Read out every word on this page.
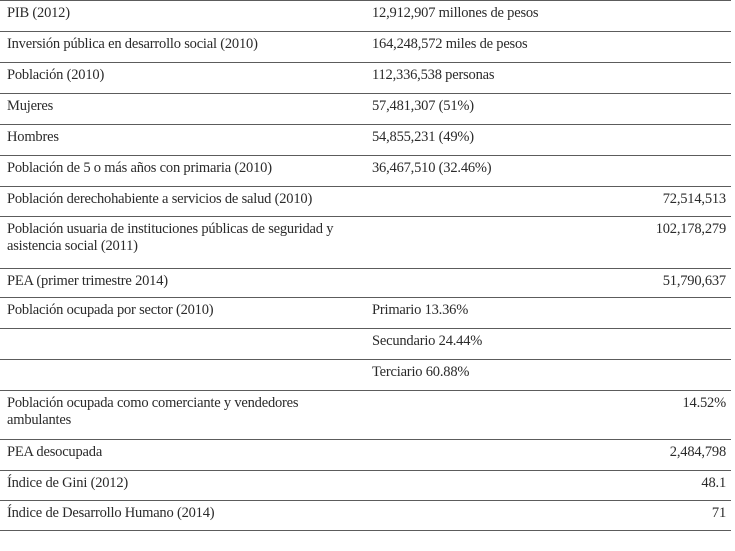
PIB (2012)	12,912,907 millones de pesos	
Inversión pública en desarrollo social (2010)	164,248,572 miles de pesos	
Población (2010)	112,336,538 personas	
Mujeres	57,481,307 (51%)	
Hombres	54,855,231 (49%)	
Población de 5 o más años con primaria (2010)	36,467,510 (32.46%)	
Población derechohabiente a servicios de salud (2010)		72,514,513
Población usuaria de instituciones públicas de seguridad y asistencia social (2011)		102,178,279
PEA (primer trimestre 2014)		51,790,637
Población ocupada por sector (2010)	Primario 13.36%	
	Secundario 24.44%	
	Terciario 60.88%	
Población ocupada como comerciante y vendedores ambulantes		14.52%
PEA desocupada		2,484,798
Índice de Gini (2012)		48.1
Índice de Desarrollo Humano (2014)		71
